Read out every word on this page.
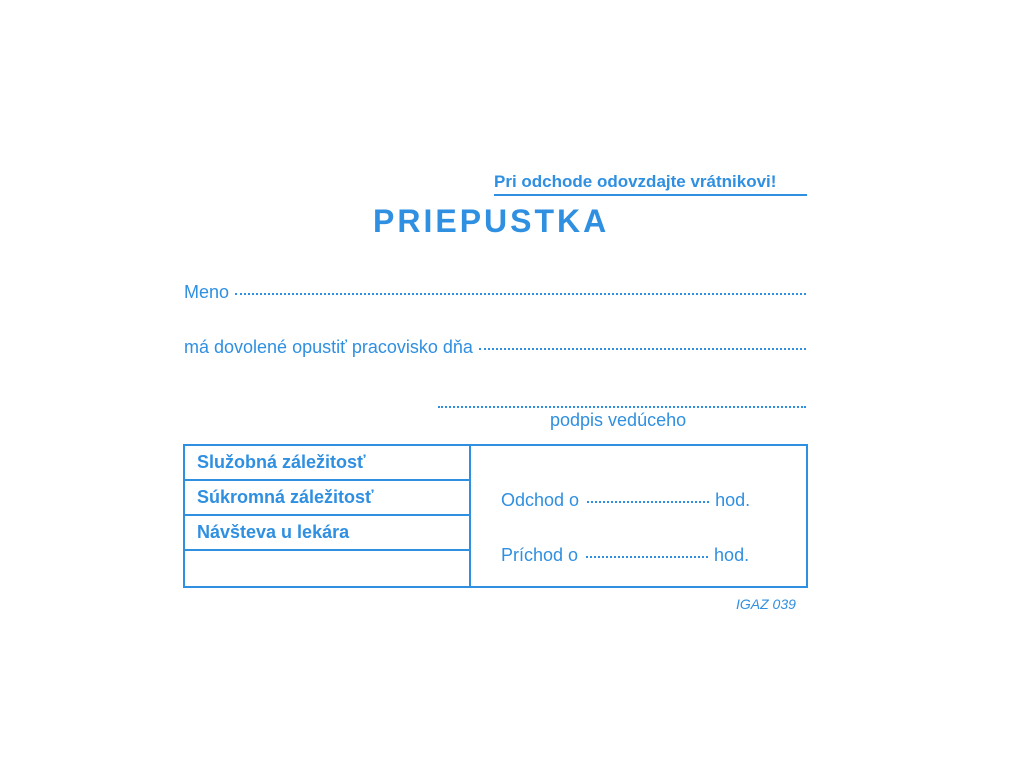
Pri odchode odovzdajte vrátnikovi!
PRIEPUSTKA
Meno
má dovolené opustiť pracovisko dňa
podpis vedúceho
Služobná záležitosť
Súkromná záležitosť
Návšteva u lekára
Odchod o	hod.
Príchod o	hod.
IGAZ 039
